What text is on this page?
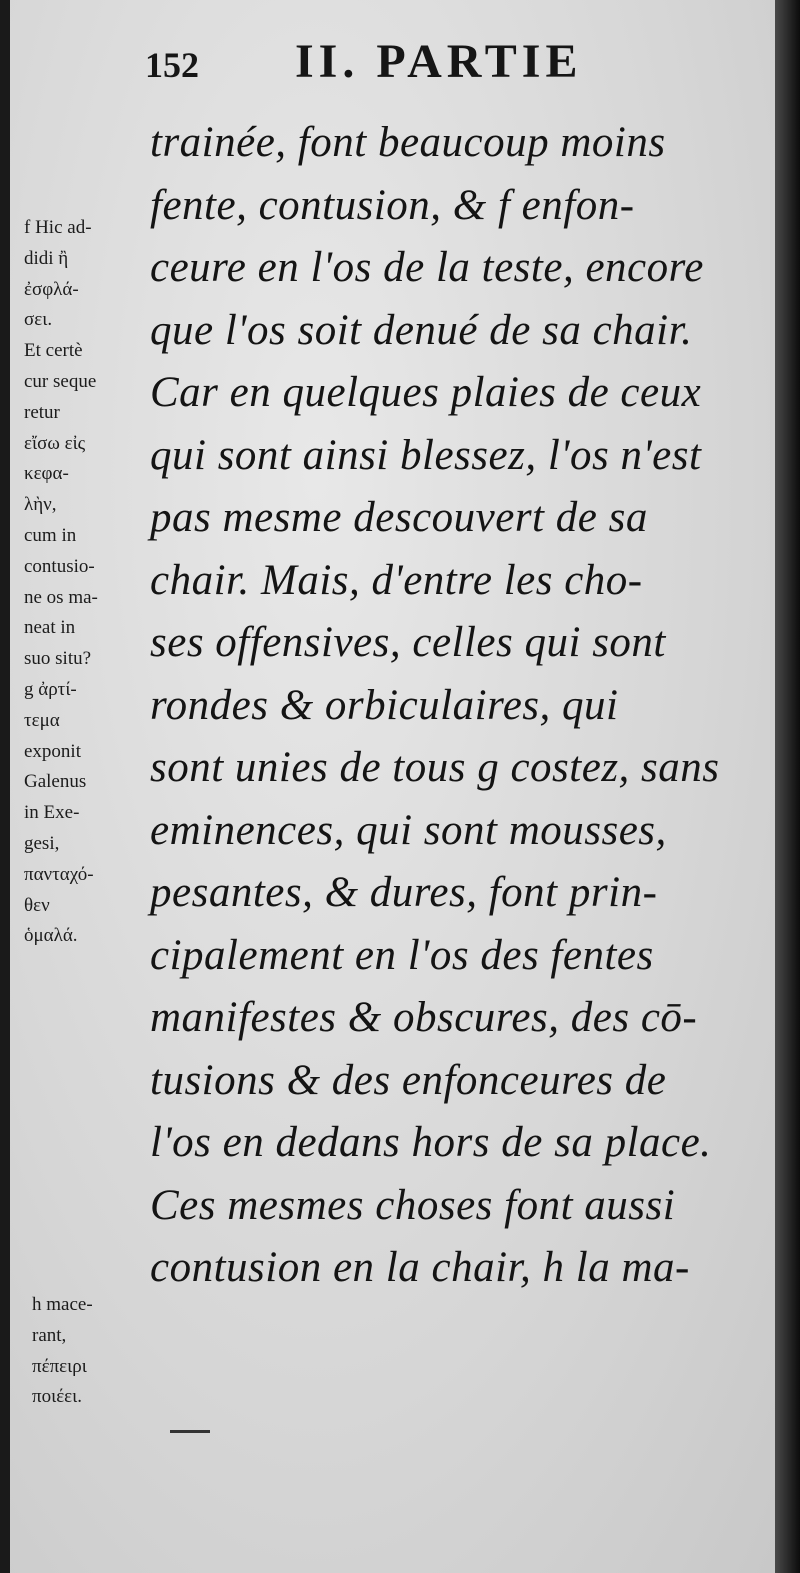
152 II. PARTIE
f Hic ad-
didi ἢ
ἐσφλά-
σει.
Et certè
cur seque
retur
εἴσω εἰς
κεφα-
λὴν,
cum in
contusio-
ne os ma-
neat in
suo situ?
g ἀρτί-
τεμα
exponit
Galenus
in Exe-
gesi,
πανταχό-
θεν
ὁμαλά.
h mace-
rant,
πέπειρι
ποιέει.
trainée, font beaucoup moins
fente, contusion, & f enfon-
ceure en l'os de la teste, encore
que l'os soit denué de sa chair.
Car en quelques plaies de ceux
qui sont ainsi blessez, l'os n'est
pas mesme descouvert de sa
chair. Mais, d'entre les cho-
ses offensives, celles qui sont
rondes & orbiculaires, qui
sont unies de tous g costez, sans
eminences, qui sont mousses,
pesantes, & dures, font prin-
cipalement en l'os des fentes
manifestes & obscures, des cō-
tusions & des enfonceures de
l'os en dedans hors de sa place.
Ces mesmes choses font aussi
contusion en la chair, h la ma-
